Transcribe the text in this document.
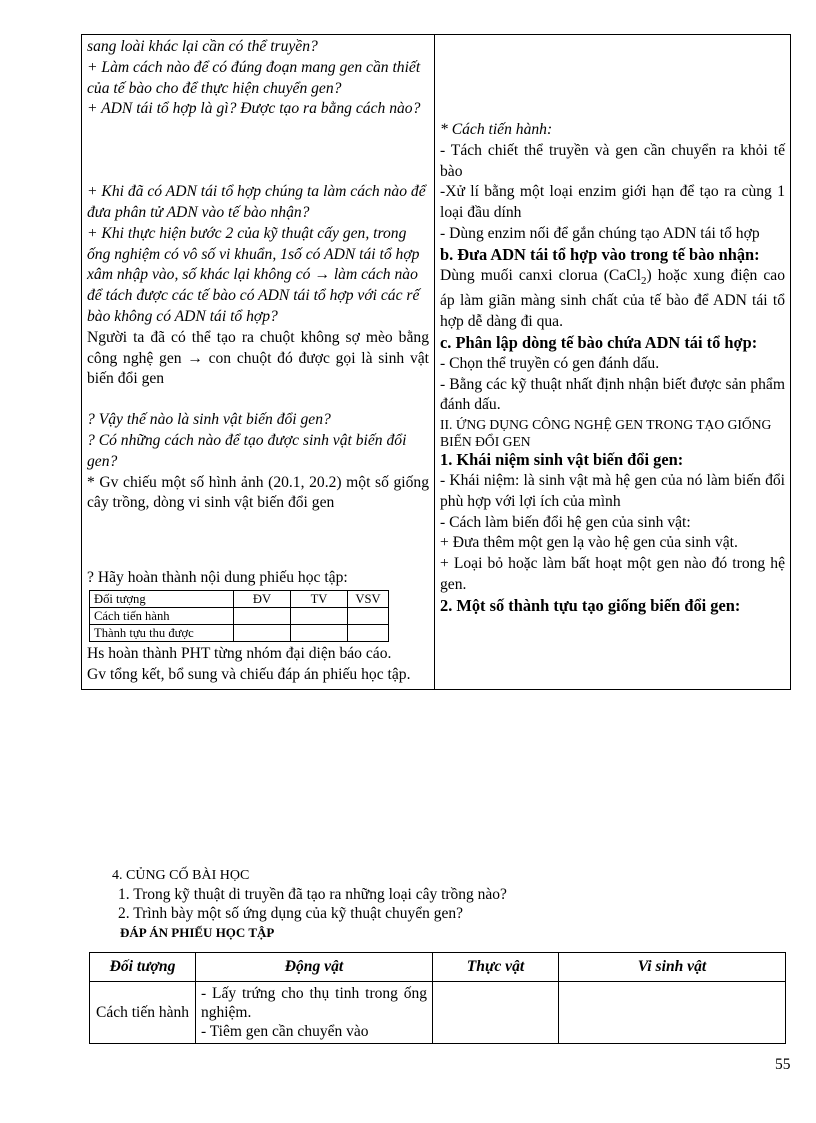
sang loài khác lại cần có thể truyền?
+ Làm cách nào để có đúng đoạn mang gen cần thiết của tế bào cho để thực hiện chuyển gen?
+ ADN tái tổ hợp là gì? Được tạo ra bằng cách nào?
+ Khi đã có ADN tái tổ hợp chúng ta làm cách nào để đưa phân tử ADN vào tế bào nhận?
+ Khi thực hiện bước 2 của kỹ thuật cấy gen, trong ống nghiệm có vô số vi khuẩn, 1số có ADN tái tổ hợp xâm nhập vào, số khác lại không có → làm cách nào để tách được các tế bào có ADN tái tổ hợp với các rế bào không có ADN tái tổ hợp?
Người ta đã có thể tạo ra chuột không sợ mèo bằng công nghệ gen → con chuột đó được gọi là sinh vật biến đổi gen
? Vậy thế nào là sinh vật biến đổi gen?
? Có những cách nào để tạo được sinh vật biến đổi gen?
* Gv chiếu một số hình ảnh (20.1, 20.2) một số giống cây trồng, dòng vi sinh vật biến đổi gen
? Hãy hoàn thành nội dung phiếu học tập:
Đối tượng	ĐV	TV	VSV
Cách tiến hành			
Thành tựu thu được			
Hs hoàn thành PHT từng nhóm đại diện báo cáo.
Gv tổng kết, bổ sung và chiếu đáp án phiếu học tập.

* Cách tiến hành:
- Tách chiết thể truyền và gen cần chuyển ra khỏi tế bào
-Xử lí bằng một loại enzim giới hạn để tạo ra cùng 1 loại đầu dính
- Dùng enzim nối để gắn chúng tạo ADN tái tổ hợp
b. Đưa ADN tái tổ hợp vào trong tế bào nhận:
Dùng muối canxi clorua (CaCl$_2$) hoặc xung điện cao áp làm giãn màng sinh chất của tế bào để ADN tái tổ hợp dễ dàng đi qua.
c. Phân lập dòng tế bào chứa ADN tái tổ hợp:
- Chọn thể truyền có gen đánh dấu.
- Bằng các kỹ thuật nhất định nhận biết được sản phẩm đánh dấu.
II. ỨNG DỤNG CÔNG NGHỆ GEN TRONG TẠO GIỐNG BIẾN ĐỔI GEN
1. Khái niệm sinh vật biến đổi gen:
- Khái niệm: là sinh vật mà hệ gen của nó làm biến đổi phù hợp với lợi ích của mình
- Cách làm biến đổi hệ gen của sinh vật:
+ Đưa thêm một gen lạ vào hệ gen của sinh vật.
+ Loại bỏ hoặc làm bất hoạt một gen nào đó trong hệ gen.
2. Một số thành tựu tạo giống biến đổi gen:
4. CỦNG CỐ BÀI HỌC
1. Trong kỹ thuật di truyền đã tạo ra những loại cây trồng nào?
2. Trình bày một số ứng dụng của kỹ thuật chuyển gen?
ĐÁP ÁN PHIẾU HỌC TẬP
Đối tượng	Động vật	Thực vật	Vi sinh vật
Cách tiến hành	- Lấy trứng cho thụ tinh trong ống nghiệm.
- Tiêm gen cần chuyển vào		

55
